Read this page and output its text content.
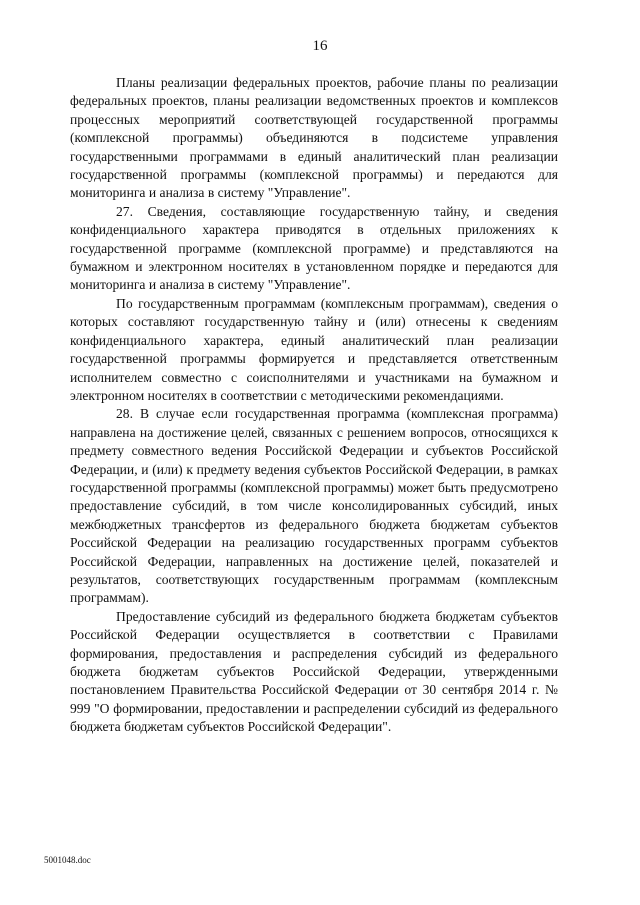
16

Планы реализации федеральных проектов, рабочие планы по реализации федеральных проектов, планы реализации ведомственных проектов и комплексов процессных мероприятий соответствующей государственной программы (комплексной программы) объединяются в подсистеме управления государственными программами в единый аналитический план реализации государственной программы (комплексной программы) и передаются для мониторинга и анализа в систему "Управление".

27. Сведения, составляющие государственную тайну, и сведения конфиденциального характера приводятся в отдельных приложениях к государственной программе (комплексной программе) и представляются на бумажном и электронном носителях в установленном порядке и передаются для мониторинга и анализа в систему "Управление".

По государственным программам (комплексным программам), сведения о которых составляют государственную тайну и (или) отнесены к сведениям конфиденциального характера, единый аналитический план реализации государственной программы формируется и представляется ответственным исполнителем совместно с соисполнителями и участниками на бумажном и электронном носителях в соответствии с методическими рекомендациями.

28. В случае если государственная программа (комплексная программа) направлена на достижение целей, связанных с решением вопросов, относящихся к предмету совместного ведения Российской Федерации и субъектов Российской Федерации, и (или) к предмету ведения субъектов Российской Федерации, в рамках государственной программы (комплексной программы) может быть предусмотрено предоставление субсидий, в том числе консолидированных субсидий, иных межбюджетных трансфертов из федерального бюджета бюджетам субъектов Российской Федерации на реализацию государственных программ субъектов Российской Федерации, направленных на достижение целей, показателей и результатов, соответствующих государственным программам (комплексным программам).

Предоставление субсидий из федерального бюджета бюджетам субъектов Российской Федерации осуществляется в соответствии с Правилами формирования, предоставления и распределения субсидий из федерального бюджета бюджетам субъектов Российской Федерации, утвержденными постановлением Правительства Российской Федерации от 30 сентября 2014 г. № 999 "О формировании, предоставлении и распределении субсидий из федерального бюджета бюджетам субъектов Российской Федерации".

5001048.doc
